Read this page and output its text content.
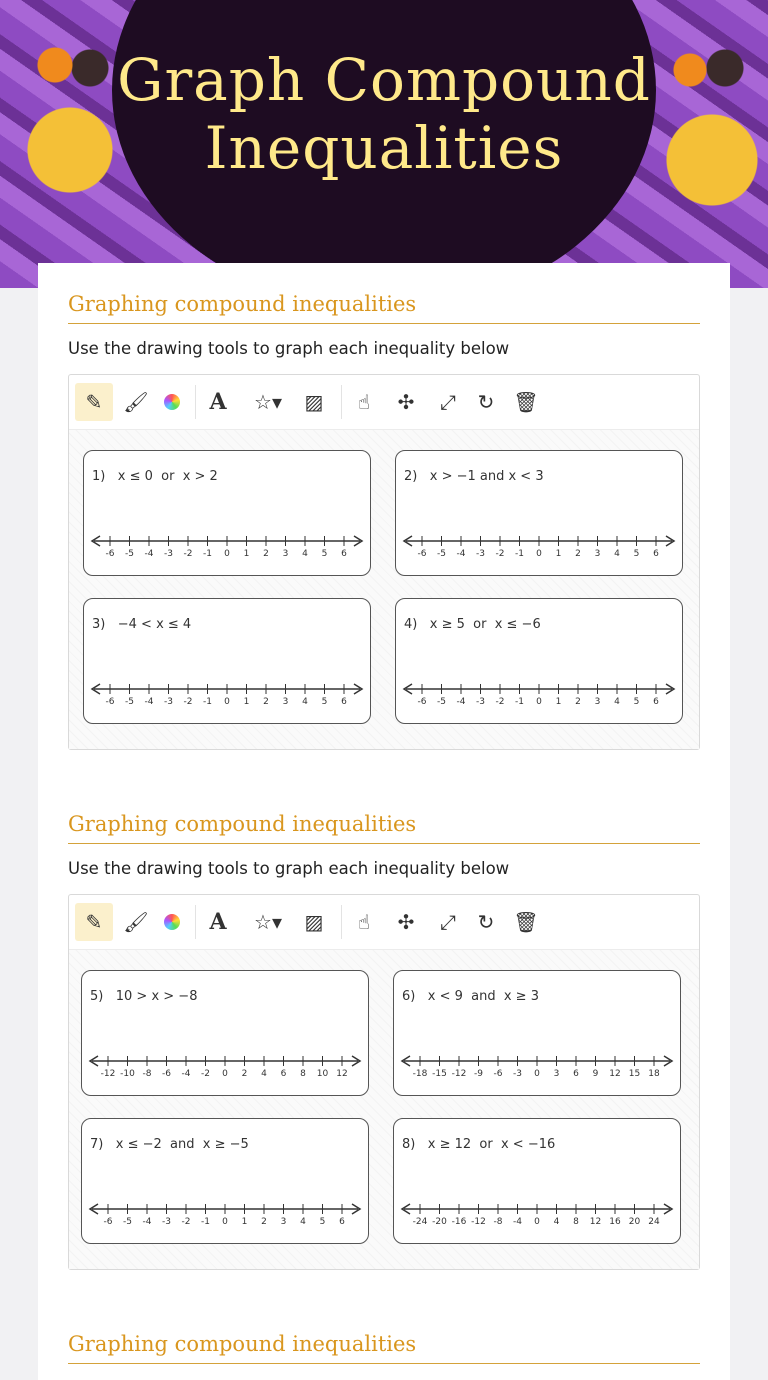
Graph Compound Inequalities
Graphing compound inequalities
Use the drawing tools to graph each inequality below
✎	🖌	A	☆▾	▨	☝	✣	⤢	↻ 🗑
1) x ≤ 0  or  x > 2
-6	-5	-4	-3	-2	-1	0	1	2	3	4	5	6
2) x > −1 and x < 3
-6	-5	-4	-3	-2	-1	0	1	2	3	4	5	6
3) −4 < x ≤ 4
-6	-5	-4	-3	-2	-1	0	1	2	3	4	5	6
4) x ≥ 5  or  x ≤ −6
-6	-5	-4	-3	-2	-1	0	1	2	3	4	5	6
Graphing compound inequalities
Use the drawing tools to graph each inequality below
✎	🖌	A	☆▾	▨	☝	✣	⤢	↻ 🗑
5) 10 > x > −8
-12 -10 -8	-6	-4	-2	0	2	4	6	8	10 12
6) x < 9  and  x ≥ 3
-18 -15 -12 -9	-6	-3	0	3	6	9	12 15 18
7) x ≤ −2  and  x ≥ −5
-6	-5	-4	-3	-2	-1	0	1	2	3	4	5	6
8) x ≥ 12  or  x < −16
-24 -20 -16 -12 -8	-4	0	4	8	12 16 20 24
Graphing compound inequalities
